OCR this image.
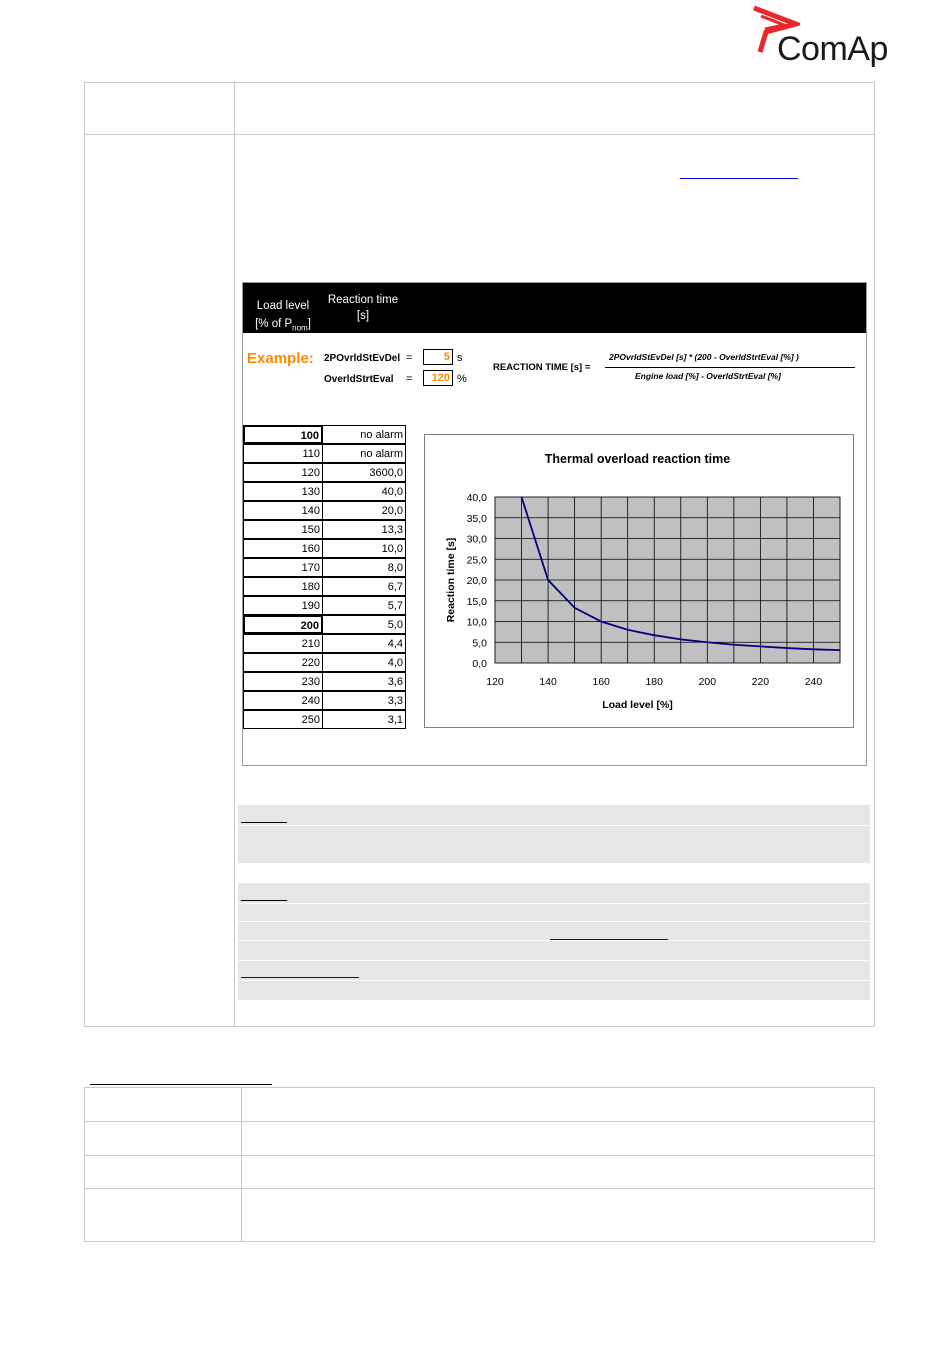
ComAp
Load level
[% of $P_{nom}$]
Reaction time
[s]
Example: 2POvrldStEvDel =	5 s
OverldStrtEval =	120 %
REACTION TIME [s] =
2POvrldStEvDel [s] * (200 - OverldStrtEval [%] )
Engine load [%] - OverldStrtEval [%]
100	no alarm
110	no alarm
120	3600,0
130	40,0
140	20,0
150	13,3
160	10,0
170	8,0
180	6,7
190	5,7
200	5,0
210	4,4
220	4,0
230	3,6
240	3,3
250	3,1
0,0
5,0
10,0
15,0
20,0
25,0
30,0
35,0
40,0
120	140	160	180	200	220	240
Thermal overload reaction time
Load level [%]
Reaction time [s]
